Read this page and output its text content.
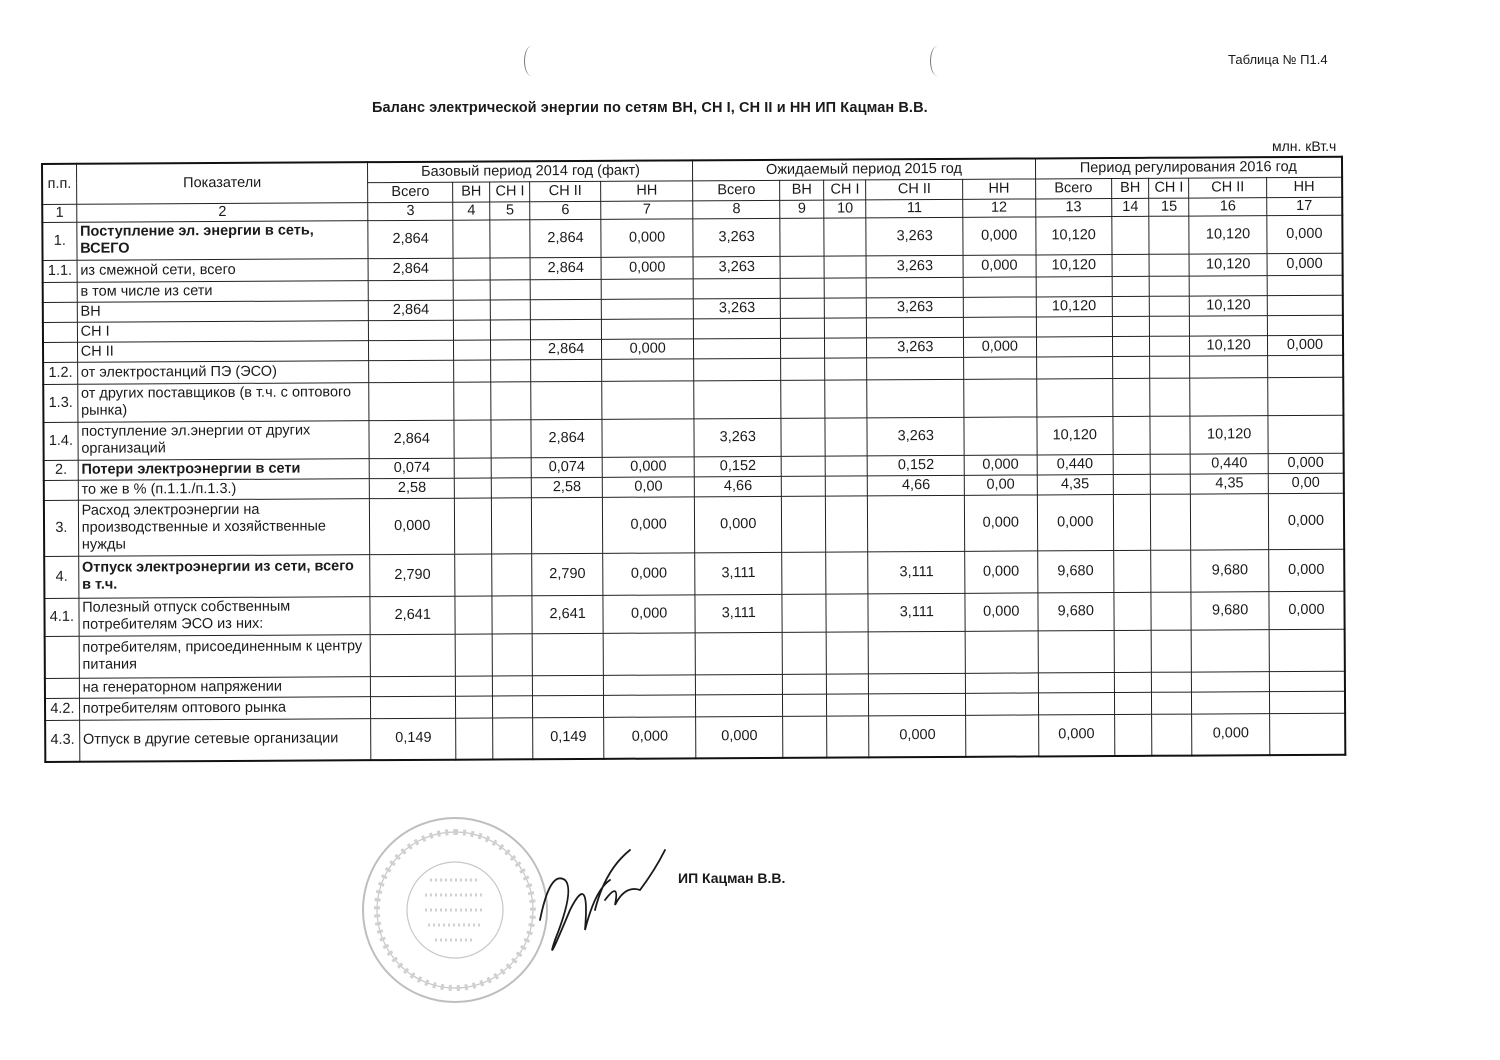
Таблица № П1.4
Баланс электрической энергии по сетям ВН, СН I, СН II и НН ИП Кацман В.В.
млн. кВт.ч
п.п.	Показатели	Базовый период 2014 год (факт)					Ожидаемый период 2015 год					Период регулирования 2016 год				
		Всего	ВН	СН I	СН II	НН	Всего	ВН	СН I	СН II	НН	Всего	ВН	СН I	СН II	НН
1	2	3	4	5	6	7	8	9	10	11	12	13	14	15	16	17
1.	Поступление эл. энергии в сеть, ВСЕГО	2,864			2,864	0,000	3,263			3,263	0,000	10,120			10,120	0,000
1.1.	из смежной сети, всего	2,864			2,864	0,000	3,263			3,263	0,000	10,120			10,120	0,000
	в том числе из сети															
	ВН	2,864					3,263			3,263		10,120			10,120	
	СН I															
	СН II				2,864	0,000				3,263	0,000				10,120	0,000
1.2.	от электростанций ПЭ (ЭСО)															
1.3.	от других поставщиков (в т.ч. с оптового рынка)															
1.4.	поступление эл.энергии от других организаций	2,864			2,864		3,263			3,263		10,120			10,120	
2.	Потери электроэнергии в сети	0,074			0,074	0,000	0,152			0,152	0,000	0,440			0,440	0,000
	то же в % (п.1.1./п.1.3.)	2,58			2,58	0,00	4,66			4,66	0,00	4,35			4,35	0,00
3.	Расход электроэнергии на производственные и хозяйственные нужды	0,000				0,000	0,000				0,000	0,000				0,000
4.	Отпуск электроэнергии из сети, всего в т.ч.	2,790			2,790	0,000	3,111			3,111	0,000	9,680			9,680	0,000
4.1.	Полезный отпуск собственным потребителям ЭСО из них:	2,641			2,641	0,000	3,111			3,111	0,000	9,680			9,680	0,000
	потребителям, присоединенным к центру питания															
	на генераторном напряжении															
4.2.	потребителям оптового рынка															
4.3.	Отпуск в другие сетевые организации	0,149			0,149	0,000	0,000			0,000		0,000			0,000	
ИП Кацман В.В.
